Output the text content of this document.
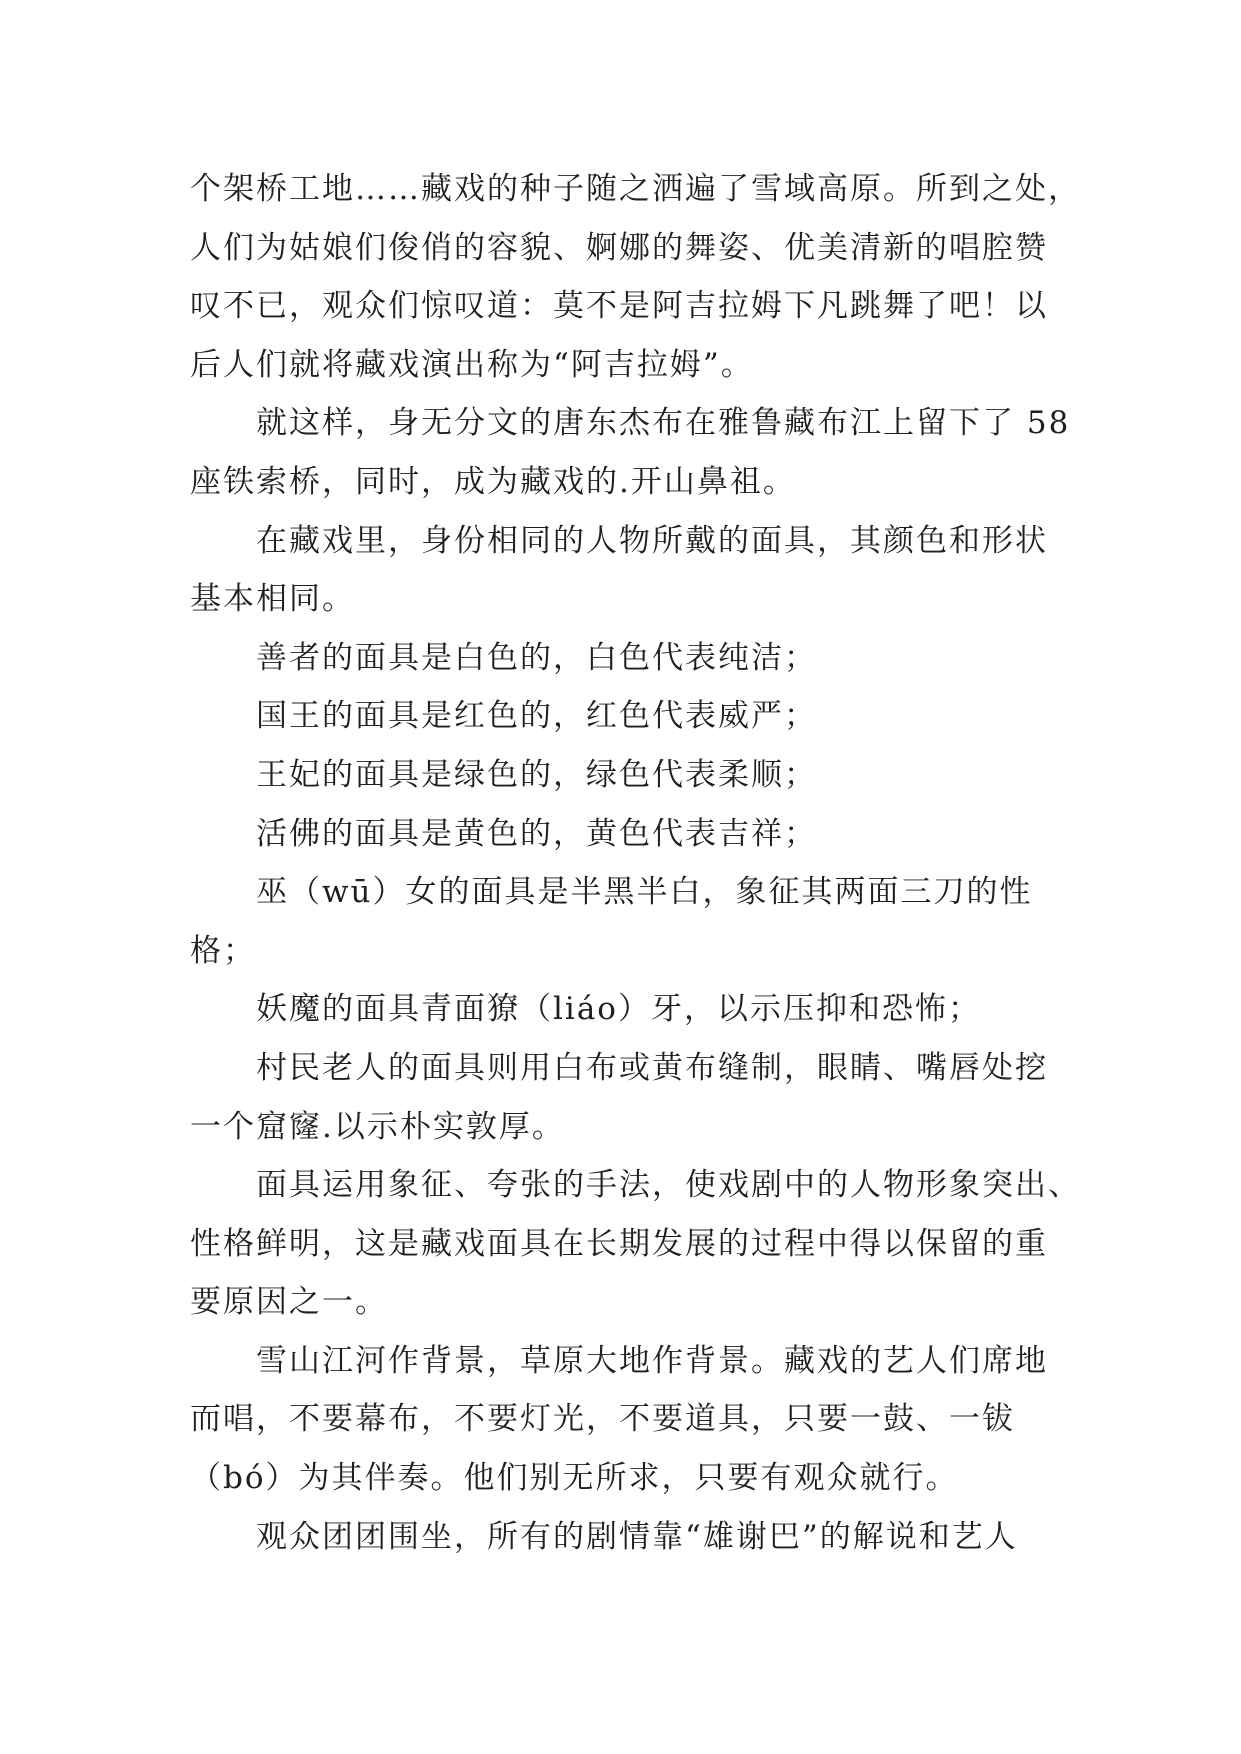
个架桥工地……藏戏的种子随之洒遍了雪域高原。所到之处，
人们为姑娘们俊俏的容貌、婀娜的舞姿、优美清新的唱腔赞
叹不已，观众们惊叹道：莫不是阿吉拉姆下凡跳舞了吧！以
后人们就将藏戏演出称为“阿吉拉姆”。
就这样，身无分文的唐东杰布在雅鲁藏布江上留下了 58
座铁索桥，同时，成为藏戏的.开山鼻祖。
在藏戏里，身份相同的人物所戴的面具，其颜色和形状
基本相同。
善者的面具是白色的，白色代表纯洁；
国王的面具是红色的，红色代表威严；
王妃的面具是绿色的，绿色代表柔顺；
活佛的面具是黄色的，黄色代表吉祥；
巫（wū）女的面具是半黑半白，象征其两面三刀的性
格；
妖魔的面具青面獠（liáo）牙，以示压抑和恐怖；
村民老人的面具则用白布或黄布缝制，眼睛、嘴唇处挖
一个窟窿.以示朴实敦厚。
面具运用象征、夸张的手法，使戏剧中的人物形象突出、
性格鲜明，这是藏戏面具在长期发展的过程中得以保留的重
要原因之一。
雪山江河作背景，草原大地作背景。藏戏的艺人们席地
而唱，不要幕布，不要灯光，不要道具，只要一鼓、一钹
（bó）为其伴奏。他们别无所求，只要有观众就行。
观众团团围坐，所有的剧情靠“雄谢巴”的解说和艺人
